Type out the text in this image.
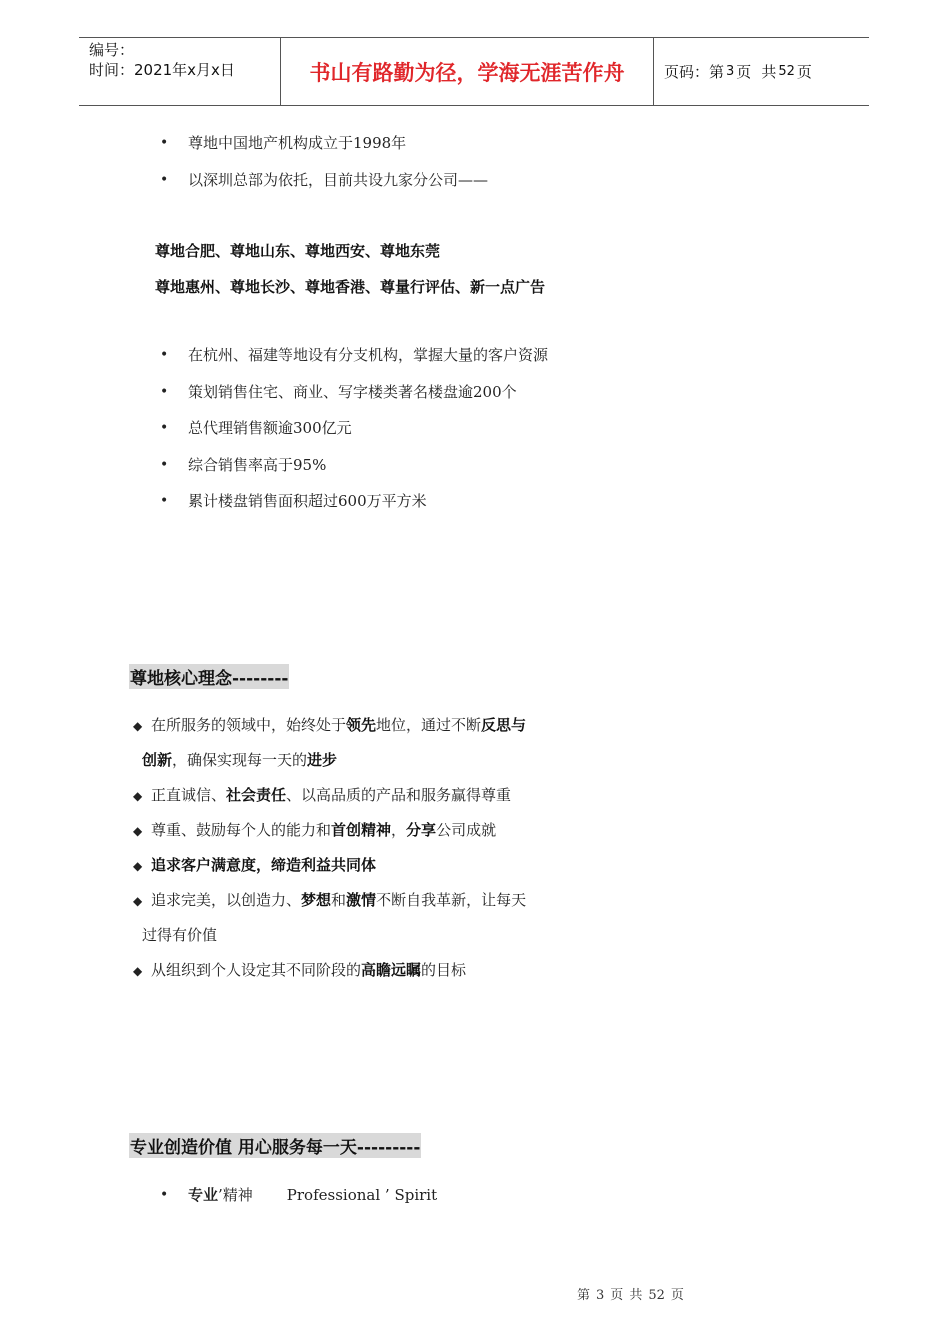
编号：
时间：2021年x月x日	书山有路勤为径，学海无涯苦作舟	页码：第 3 页 共 52 页
•	尊地中国地产机构成立于1998年
•	以深圳总部为依托，目前共设九家分公司——
尊地合肥、尊地山东、尊地西安、尊地东莞
尊地惠州、尊地长沙、尊地香港、尊量行评估、新一点广告
•	在杭州、福建等地设有分支机构，掌握大量的客户资源
•	策划销售住宅、商业、写字楼类著名楼盘逾200个
•	总代理销售额逾300亿元
•	综合销售率高于95%
•	累计楼盘销售面积超过600万平方米
尊地核心理念--------
◆ 在所服务的领域中，始终处于领先地位，通过不断反思与
创新，确保实现每一天的进步
◆ 正直诚信、社会责任、以高品质的产品和服务赢得尊重
◆ 尊重、鼓励每个人的能力和首创精神，分享公司成就
◆ 追求客户满意度，缔造利益共同体
◆ 追求完美，以创造力、梦想和激情不断自我革新，让每天
过得有价值
◆ 从组织到个人设定其不同阶段的高瞻远瞩的目标
专业创造价值 用心服务每一天---------
•	专业 ’精神 Professional ’ Spirit
第 3 页 共 52 页
